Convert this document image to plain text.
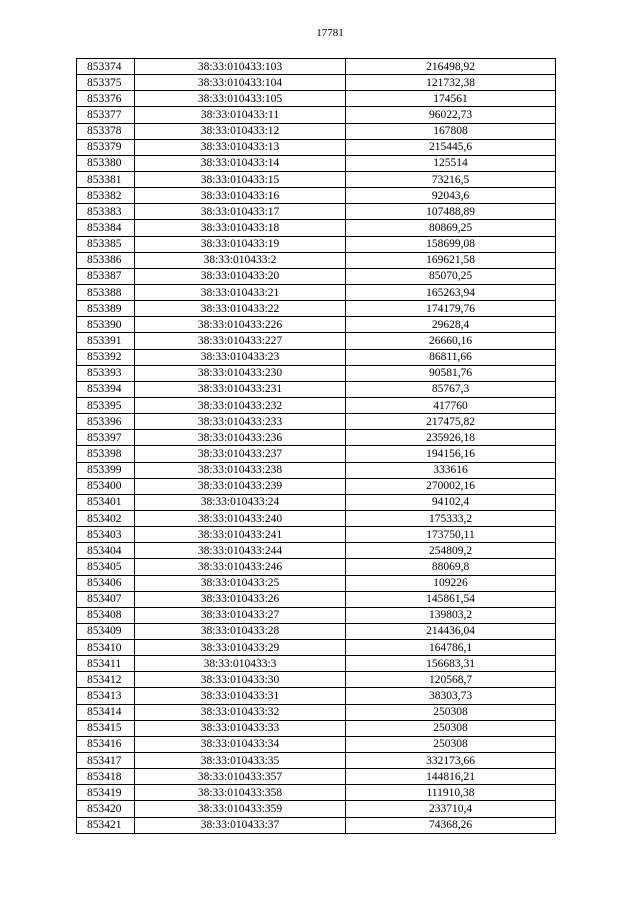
17781
853374	38:33:010433:103	216498,92
853375	38:33:010433:104	121732,38
853376	38:33:010433:105	174561
853377	38:33:010433:11	96022,73
853378	38:33:010433:12	167808
853379	38:33:010433:13	215445,6
853380	38:33:010433:14	125514
853381	38:33:010433:15	73216,5
853382	38:33:010433:16	92043,6
853383	38:33:010433:17	107488,89
853384	38:33:010433:18	80869,25
853385	38:33:010433:19	158699,08
853386	38:33:010433:2	169621,58
853387	38:33:010433:20	85070,25
853388	38:33:010433:21	165263,94
853389	38:33:010433:22	174179,76
853390	38:33:010433:226	29628,4
853391	38:33:010433:227	26660,16
853392	38:33:010433:23	86811,66
853393	38:33:010433:230	90581,76
853394	38:33:010433:231	85767,3
853395	38:33:010433:232	417760
853396	38:33:010433:233	217475,82
853397	38:33:010433:236	235926,18
853398	38:33:010433:237	194156,16
853399	38:33:010433:238	333616
853400	38:33:010433:239	270002,16
853401	38:33:010433:24	94102,4
853402	38:33:010433:240	175333,2
853403	38:33:010433:241	173750,11
853404	38:33:010433:244	254809,2
853405	38:33:010433:246	88069,8
853406	38:33:010433:25	109226
853407	38:33:010433:26	145861,54
853408	38:33:010433:27	139803,2
853409	38:33:010433:28	214436,04
853410	38:33:010433:29	164786,1
853411	38:33:010433:3	156683,31
853412	38:33:010433:30	120568,7
853413	38:33:010433:31	38303,73
853414	38:33:010433:32	250308
853415	38:33:010433:33	250308
853416	38:33:010433:34	250308
853417	38:33:010433:35	332173,66
853418	38:33:010433:357	144816,21
853419	38:33:010433:358	111910,38
853420	38:33:010433:359	233710,4
853421	38:33:010433:37	74368,26
